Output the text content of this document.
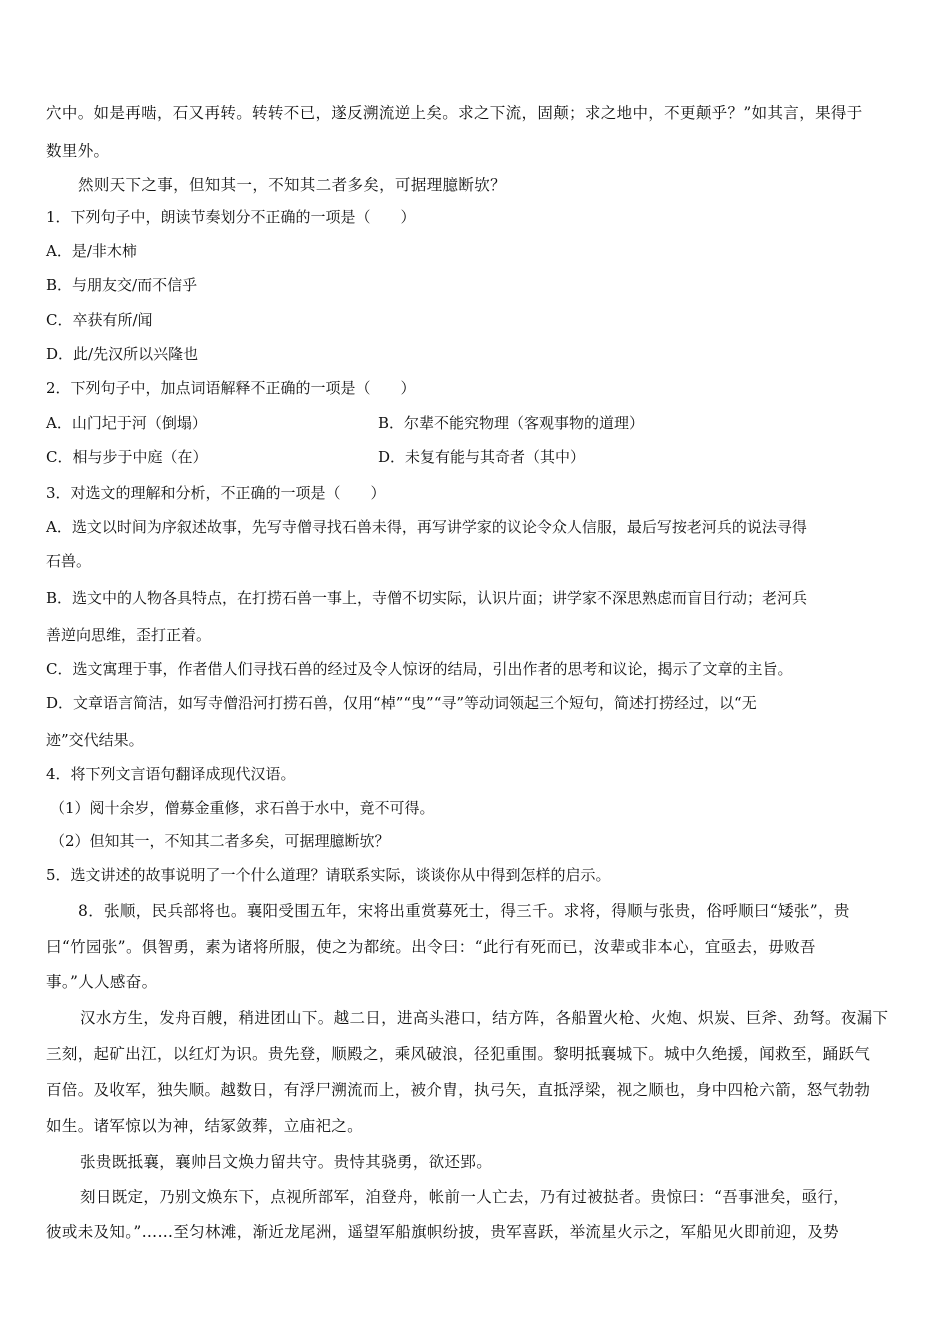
穴中。如是再啮，石又再转。转转不已，遂反溯流逆上矣。求之下流，固颠；求之地中，不更颠乎？”如其言，果得于
数里外。
然则天下之事，但知其一，不知其二者多矣，可据理臆断欤？
1．下列句子中，朗读节奏划分不正确的一项是（　　）
A．是/非木柿
B．与朋友交/而不信乎
C．卒获有所/闻
D．此/先汉所以兴隆也
2．下列句子中，加点词语解释不正确的一项是（　　）
A．山门圮于河（倒塌）	B．尔辈不能究物理（客观事物的道理）
C．相与步于中庭（在）	D．未复有能与其奇者（其中）
3．对选文的理解和分析，不正确的一项是（　　）
A．选文以时间为序叙述故事，先写寺僧寻找石兽未得，再写讲学家的议论令众人信服，最后写按老河兵的说法寻得
石兽。
B．选文中的人物各具特点，在打捞石兽一事上，寺僧不切实际，认识片面；讲学家不深思熟虑而盲目行动；老河兵
善逆向思维，歪打正着。
C．选文寓理于事，作者借人们寻找石兽的经过及令人惊讶的结局，引出作者的思考和议论，揭示了文章的主旨。
D．文章语言简洁，如写寺僧沿河打捞石兽，仅用“棹”“曳”“寻”等动词领起三个短句，简述打捞经过，以“无
迹”交代结果。
4．将下列文言语句翻译成现代汉语。
（1）阅十余岁，僧募金重修，求石兽于水中，竟不可得。
（2）但知其一，不知其二者多矣，可据理臆断欤？
5．选文讲述的故事说明了一个什么道理？请联系实际，谈谈你从中得到怎样的启示。
8．张顺，民兵部将也。襄阳受围五年，宋将出重赏募死士，得三千。求将，得顺与张贵，俗呼顺曰“矮张”，贵
曰“竹园张”。俱智勇，素为诸将所服，使之为都统。出令曰：“此行有死而已，汝辈或非本心，宜亟去，毋败吾
事。”人人感奋。
汉水方生，发舟百艘，稍进团山下。越二日，进高头港口，结方阵，各船置火枪、火炮、炽炭、巨斧、劲弩。夜漏下
三刻，起矿出江，以红灯为识。贵先登，顺殿之，乘风破浪，径犯重围。黎明抵襄城下。城中久绝援，闻救至，踊跃气
百倍。及收军，独失顺。越数日，有浮尸溯流而上，被介胄，执弓矢，直抵浮梁，视之顺也，身中四枪六箭，怒气勃勃
如生。诸军惊以为神，结冢敛葬，立庙祀之。
张贵既抵襄，襄帅吕文焕力留共守。贵恃其骁勇，欲还郢。
刻日既定，乃别文焕东下，点视所部军，洎登舟，帐前一人亡去，乃有过被挞者。贵惊曰：“吾事泄矣，亟行，
彼或未及知。”……至匀林滩，渐近龙尾洲，遥望军船旗帜纷披，贵军喜跃，举流星火示之，军船见火即前迎，及势
